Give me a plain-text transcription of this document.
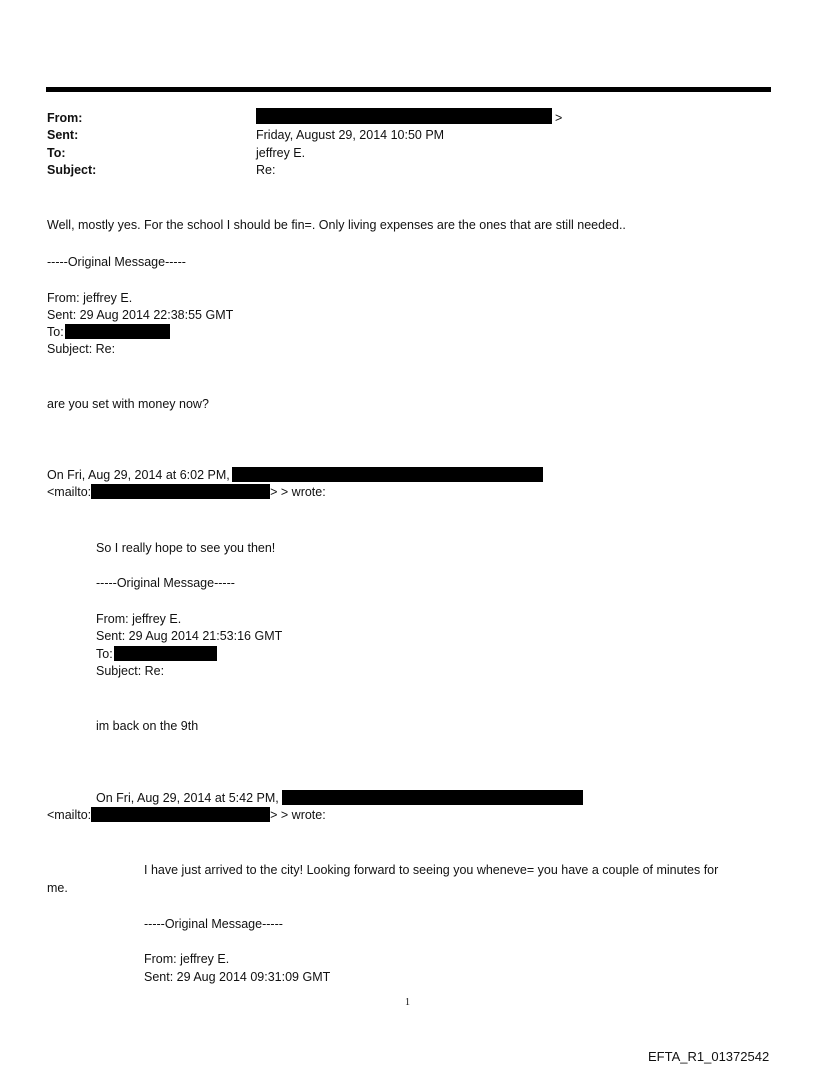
From:	>
Sent:	Friday, August 29, 2014 10:50 PM
To:	jeffrey E.
Subject:	Re:
Well, mostly yes. For the school I should be fin=. Only living expenses are the ones that are still needed..
-----Original Message-----
From: jeffrey E.
Sent: 29 Aug 2014 22:38:55 GMT
To:
Subject: Re:
are you set with money now?
On Fri, Aug 29, 2014 at 6:02 PM,
<mailto:	> > wrote:
So I really hope to see you then!
-----Original Message-----
From: jeffrey E.
Sent: 29 Aug 2014 21:53:16 GMT
To:
Subject: Re:
im back on the 9th
On Fri, Aug 29, 2014 at 5:42 PM,
<mailto:	> > wrote:
I have just arrived to the city! Looking forward to seeing you wheneve= you have a couple of minutes for
me.
-----Original Message-----
From: jeffrey E.
Sent: 29 Aug 2014 09:31:09 GMT
1
EFTA_R1_01372542
